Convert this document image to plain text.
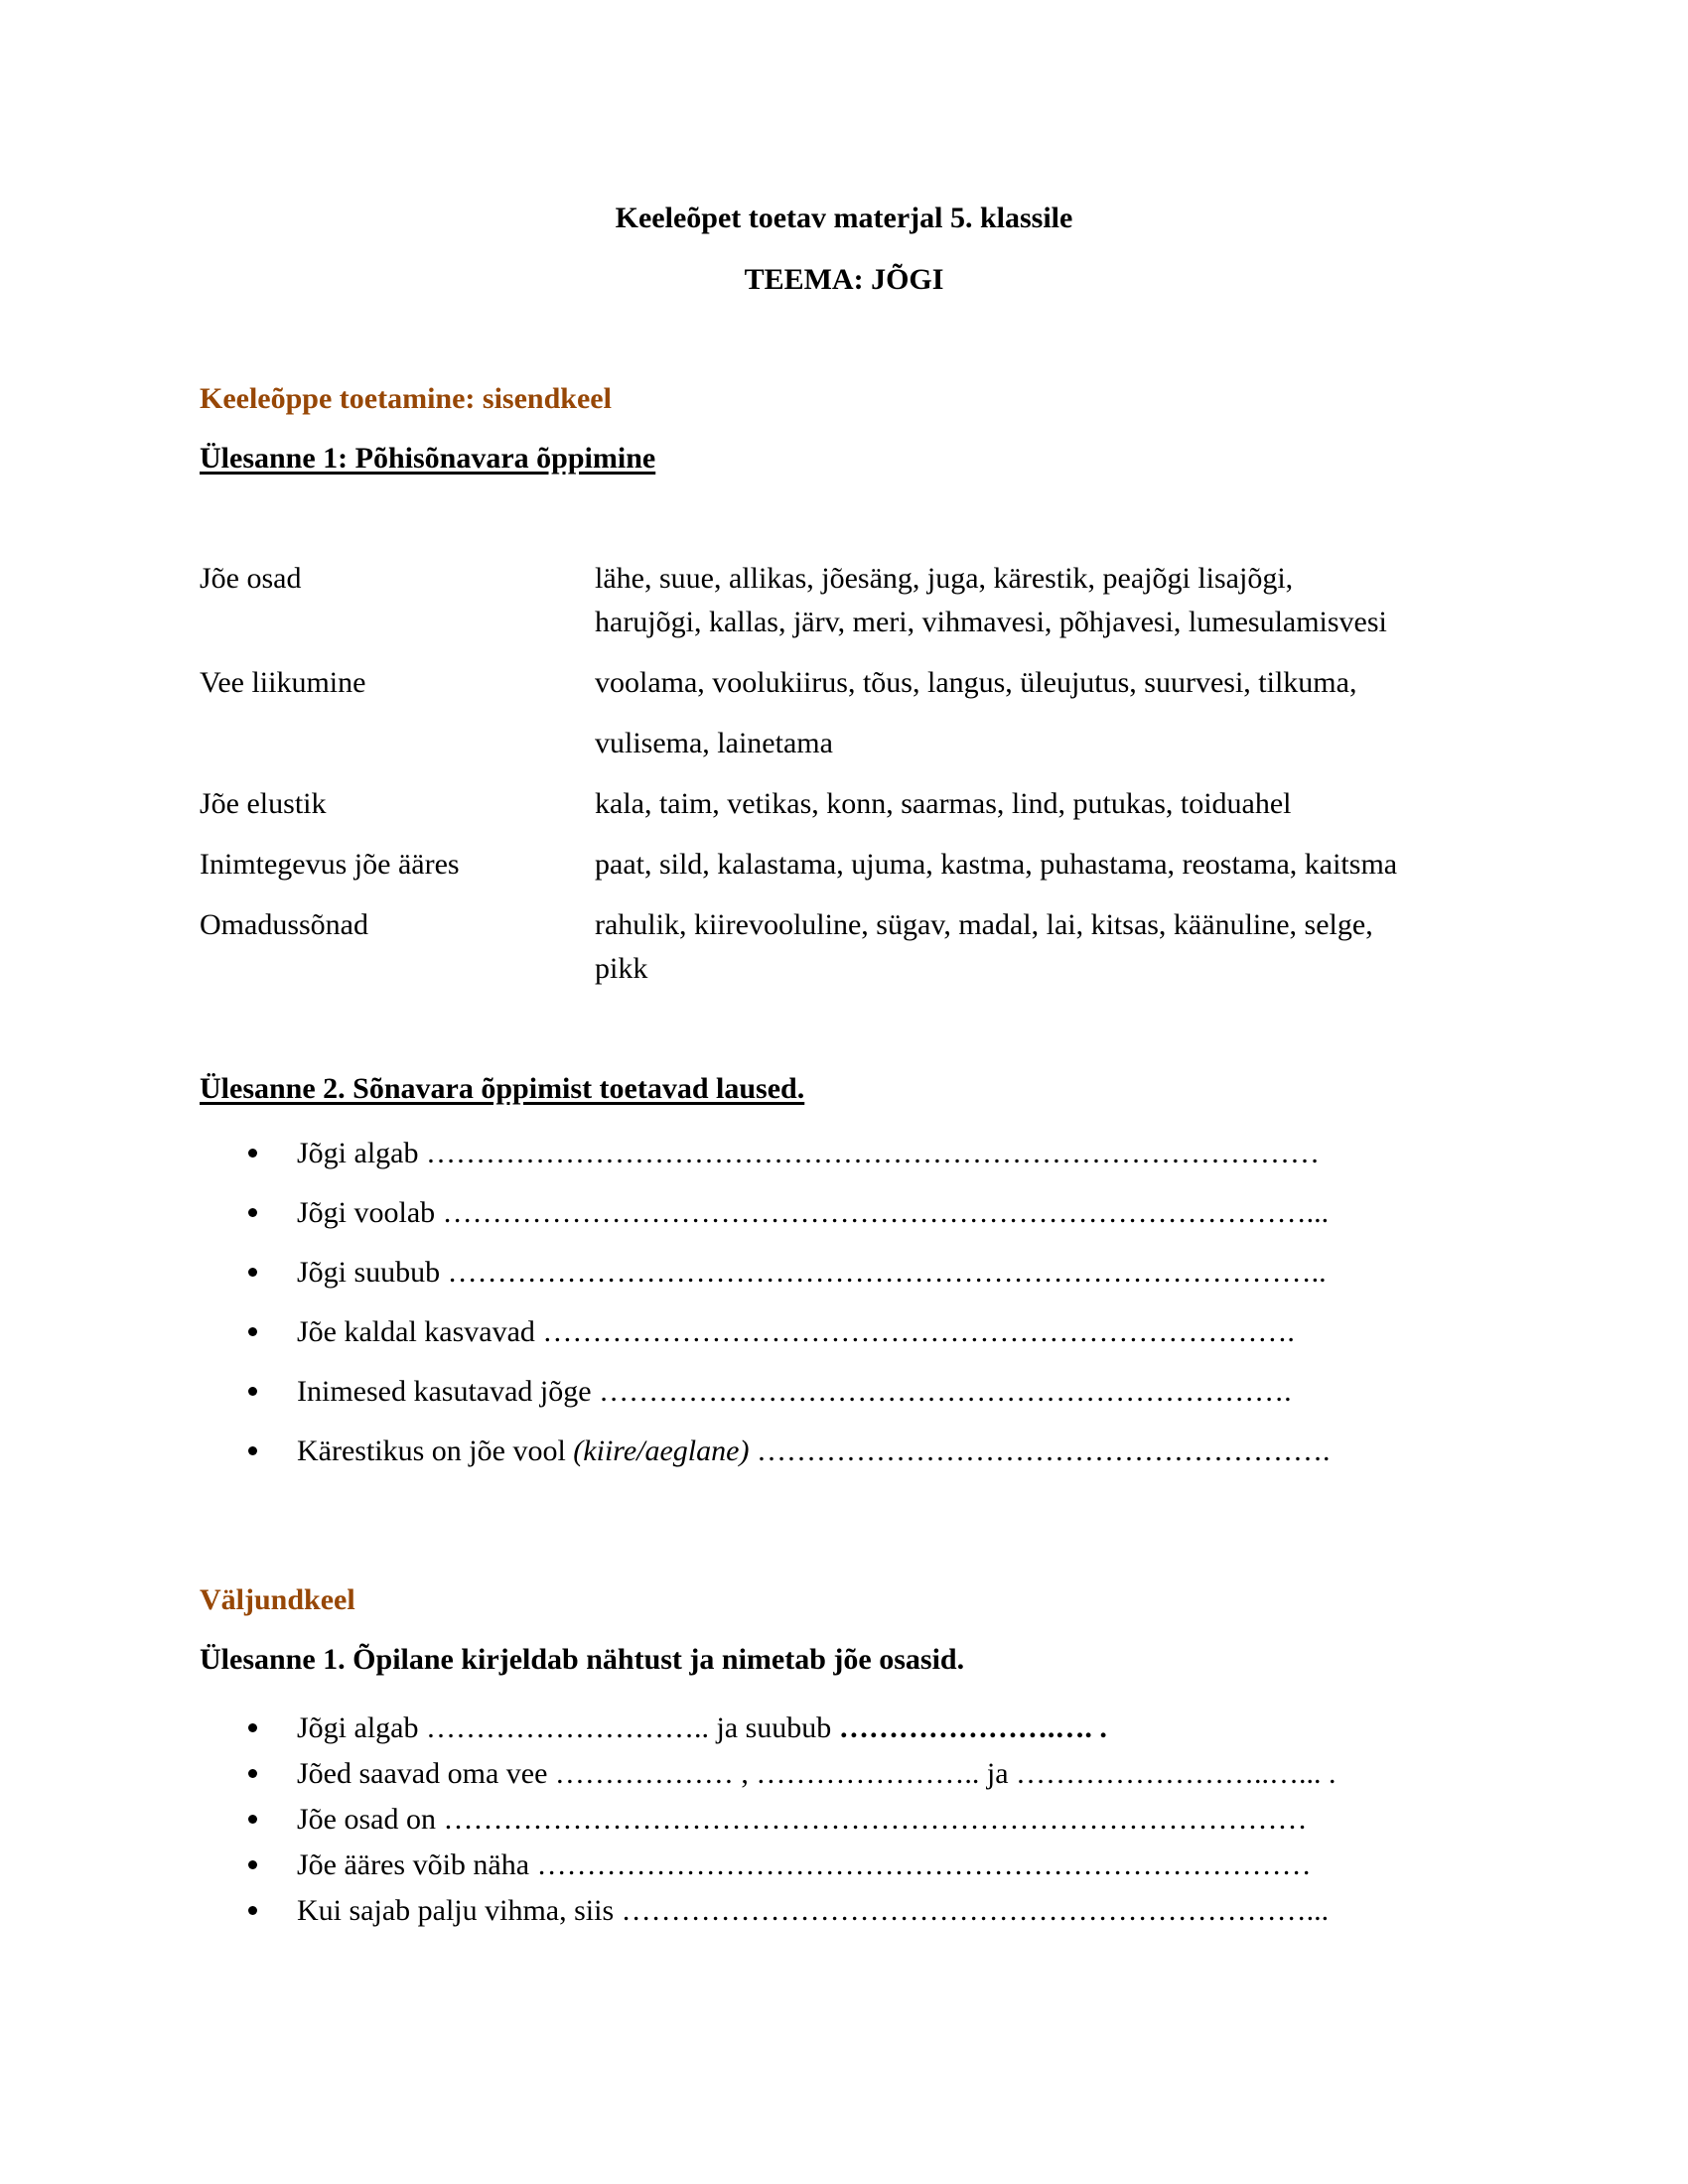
Keeleõpet toetav materjal 5. klassile
TEEMA: JÕGI
Keeleõppe toetamine: sisendkeel
Ülesanne 1: Põhisõnavara õppimine
Jõe osad	lähe, suue, allikas, jõesäng, juga, kärestik, peajõgi lisajõgi,
harujõgi, kallas, järv, meri, vihmavesi, põhjavesi, lumesulamisvesi
Vee liikumine	voolama, voolukiirus, tõus, langus, üleujutus, suurvesi, tilkuma,
vulisema, lainetama
Jõe elustik	kala, taim, vetikas, konn, saarmas, lind, putukas, toiduahel
Inimtegevus jõe ääres	paat, sild, kalastama, ujuma, kastma, puhastama, reostama, kaitsma
Omadussõnad	rahulik, kiirevooluline, sügav, madal, lai, kitsas, käänuline, selge,
pikk
Ülesanne 2. Sõnavara õppimist toetavad laused.
Jõgi algab ………………………………………………………………………………
Jõgi voolab ……………………………………………………………………………...
Jõgi suubub ……………………………………………………………………………..
Jõe kaldal kasvavad ………………………………………………………………….
Inimesed kasutavad jõge …………………………………………………………….
Kärestikus on jõe vool (kiire/aeglane) ………………………………………………….
Väljundkeel
Ülesanne 1. Õpilane kirjeldab nähtust ja nimetab jõe osasid.
Jõgi algab ……………………….. ja suubub ………………….…. .
Jõed saavad oma vee ……………… , ………………….. ja ……………………..…... .
Jõe osad on ……………………………………………………………………………
Jõe ääres võib näha ……………………………………………………………………
Kui sajab palju vihma, siis ……………………………………………………………...
